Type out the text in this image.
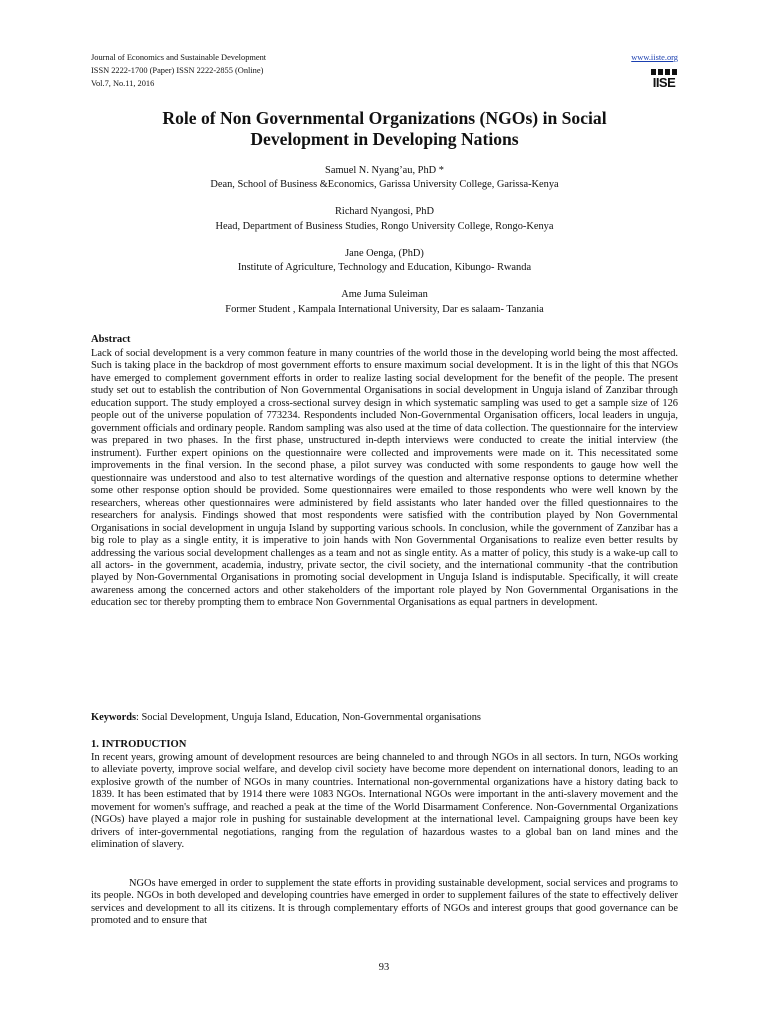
Journal of Economics and Sustainable Development
ISSN 2222-1700 (Paper) ISSN 2222-2855 (Online)
Vol.7, No.11, 2016
www.iiste.org
IISE
Role of Non Governmental Organizations (NGOs) in Social
Development in Developing Nations
Samuel N. Nyang’au, PhD *
Dean, School of Business &Economics, Garissa University College, Garissa-Kenya
Richard Nyangosi, PhD
Head, Department of Business Studies, Rongo University College, Rongo-Kenya
Jane Oenga, (PhD)
Institute of Agriculture, Technology and Education, Kibungo- Rwanda
Ame Juma Suleiman
Former Student , Kampala International University, Dar es salaam- Tanzania
Abstract
Lack of social development is a very common feature in many countries of the world those in the developing world being the most affected. Such is taking place in the backdrop of most government efforts to ensure maximum social development. It is in the light of this that NGOs have emerged to complement government efforts in order to realize lasting social development for the benefit of the people. The present study set out to establish the contribution of Non Governmental Organisations in social development in Unguja island of Zanzibar through education support. The study employed a cross-sectional survey design in which systematic sampling was used to get a sample size of 126 people out of the universe population of 773234. Respondents included Non-Governmental Organisation officers, local leaders in unguja, government officials and ordinary people. Random sampling was also used at the time of data collection. The questionnaire for the interview was prepared in two phases. In the first phase, unstructured in-depth interviews were conducted to create the initial interview (the instrument). Further expert opinions on the questionnaire were collected and improvements were made on it. This necessitated some improvements in the final version. In the second phase, a pilot survey was conducted with some respondents to gauge how well the questionnaire was understood and also to test alternative wordings of the question and alternative response options to determine whether some other response option should be provided. Some questionnaires were emailed to those respondents who were well known by the researchers, whereas other questionnaires were administered by field assistants who later handed over the filled questionnaires to the researchers for analysis. Findings showed that most respondents were satisfied with the contribution played by Non Governmental Organisations in social development in unguja Island by supporting various schools. In conclusion, while the government of Zanzibar has a big role to play as a single entity, it is imperative to join hands with Non Governmental Organisations to realize even better results by addressing the various social development challenges as a team and not as single entity. As a matter of policy, this study is a wake-up call to all actors- in the government, academia, industry, private sector, the civil society, and the international community -that the contribution played by Non-Governmental Organisations in promoting social development in Unguja Island is indisputable. Specifically, it will create awareness among the concerned actors and other stakeholders of the important role played by Non Governmental Organisations in the education sec tor thereby prompting them to embrace Non Governmental Organisations as equal partners in development.
Keywords: Social Development, Unguja Island, Education, Non-Governmental organisations
1. INTRODUCTION
In recent years, growing amount of development resources are being channeled to and through NGOs in all sectors. In turn, NGOs working to alleviate poverty, improve social welfare, and develop civil society have become more dependent on international donors, leading to an explosive growth of the number of NGOs in many countries. International non-governmental organizations have a history dating back to 1839. It has been estimated that by 1914 there were 1083 NGOs. International NGOs were important in the anti-slavery movement and the movement for women's suffrage, and reached a peak at the time of the World Disarmament Conference. Non-Governmental Organizations (NGOs) have played a major role in pushing for sustainable development at the international level. Campaigning groups have been key drivers of inter-governmental negotiations, ranging from the regulation of hazardous wastes to a global ban on land mines and the elimination of slavery.
NGOs have emerged in order to supplement the state efforts in providing sustainable development, social services and programs to its people. NGOs in both developed and developing countries have emerged in order to supplement failures of the state to effectively deliver services and development to all its citizens. It is through complementary efforts of NGOs and interest groups that good governance can be promoted and to ensure that
93
